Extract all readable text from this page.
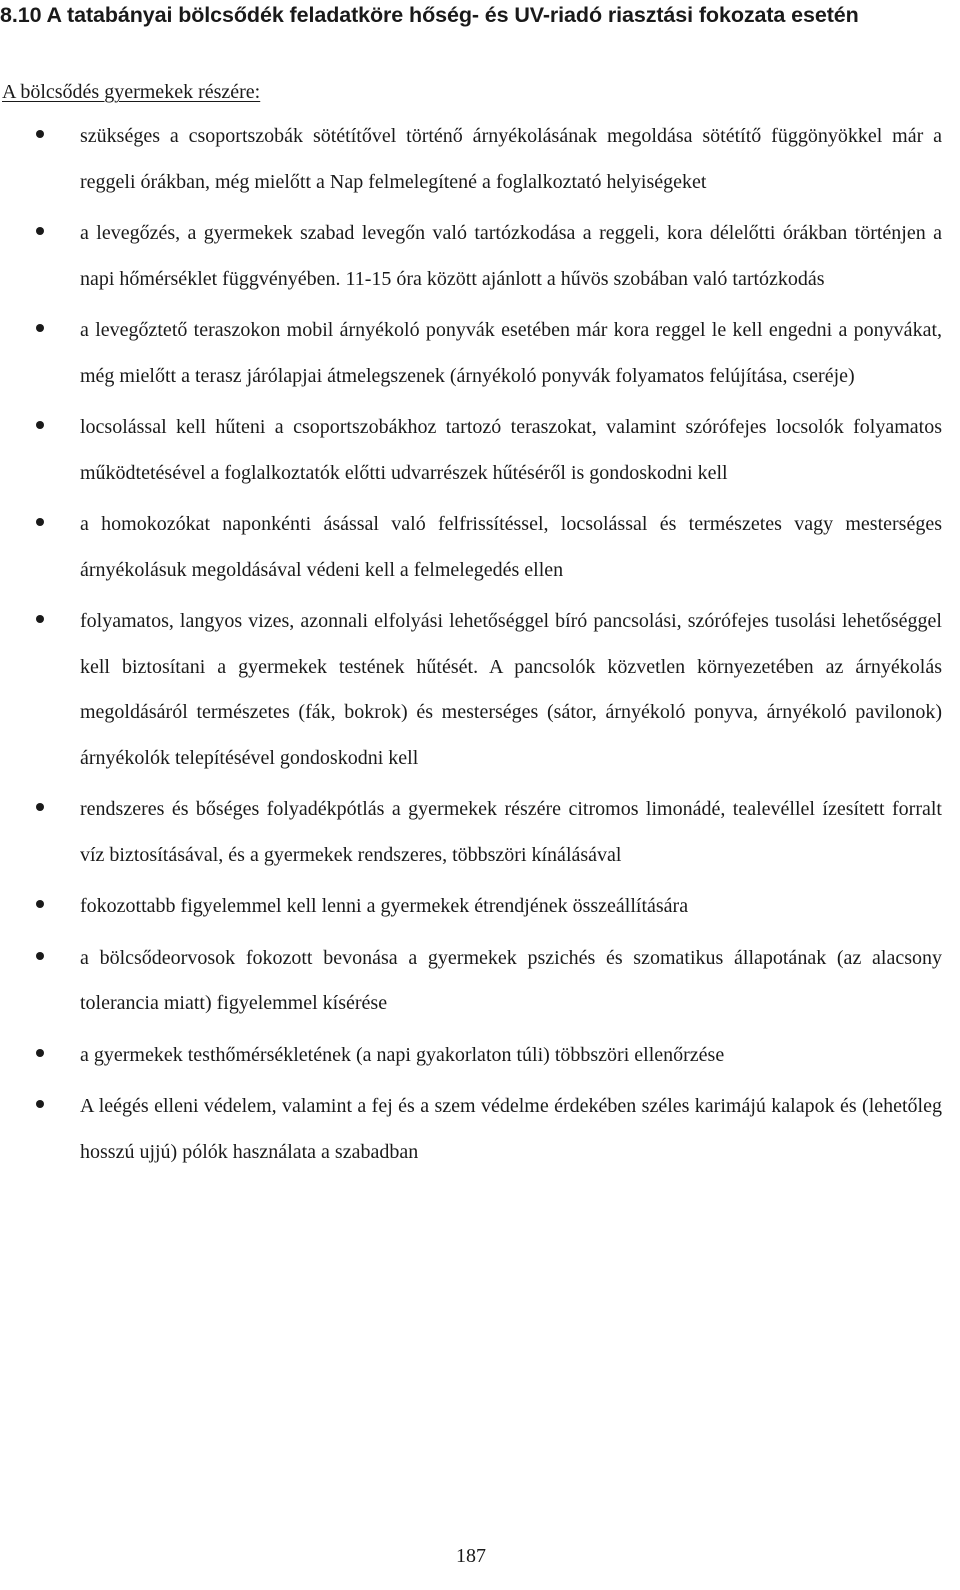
8.10 A tatabányai bölcsődék feladatköre hőség- és UV-riadó riasztási fokozata esetén
A bölcsődés gyermekek részére:
szükséges a csoportszobák sötétítővel történő árnyékolásának megoldása sötétítő függönyökkel már a reggeli órákban, még mielőtt a Nap felmelegítené a foglalkoztató helyiségeket
a levegőzés, a gyermekek szabad levegőn való tartózkodása a reggeli, kora délelőtti órákban történjen a napi hőmérséklet függvényében. 11-15 óra között ajánlott a hűvös szobában való tartózkodás
a levegőztető teraszokon mobil árnyékoló ponyvák esetében már kora reggel le kell engedni a ponyvákat, még mielőtt a terasz járólapjai átmelegszenek (árnyékoló ponyvák folyamatos felújítása, cseréje)
locsolással kell hűteni a csoportszobákhoz tartozó teraszokat, valamint szórófejes locsolók folyamatos működtetésével a foglalkoztatók előtti udvarrészek hűtéséről is gondoskodni kell
a homokozókat naponkénti ásással való felfrissítéssel, locsolással és természetes vagy mesterséges árnyékolásuk megoldásával védeni kell a felmelegedés ellen
folyamatos, langyos vizes, azonnali elfolyási lehetőséggel bíró pancsolási, szórófejes tusolási lehetőséggel kell biztosítani a gyermekek testének hűtését. A pancsolók közvetlen környezetében az árnyékolás megoldásáról természetes (fák, bokrok) és mesterséges (sátor, árnyékoló ponyva, árnyékoló pavilonok) árnyékolók telepítésével gondoskodni kell
rendszeres és bőséges folyadékpótlás a gyermekek részére citromos limonádé, tealevéllel ízesített forralt víz biztosításával, és a gyermekek rendszeres, többszöri kínálásával
fokozottabb figyelemmel kell lenni a gyermekek étrendjének összeállítására
a bölcsődeorvosok fokozott bevonása a gyermekek pszichés és szomatikus állapotának (az alacsony tolerancia miatt) figyelemmel kísérése
a gyermekek testhőmérsékletének (a napi gyakorlaton túli) többszöri ellenőrzése
A leégés elleni védelem, valamint a fej és a szem védelme érdekében széles karimájú kalapok és (lehetőleg hosszú ujjú) pólók használata a szabadban
187
